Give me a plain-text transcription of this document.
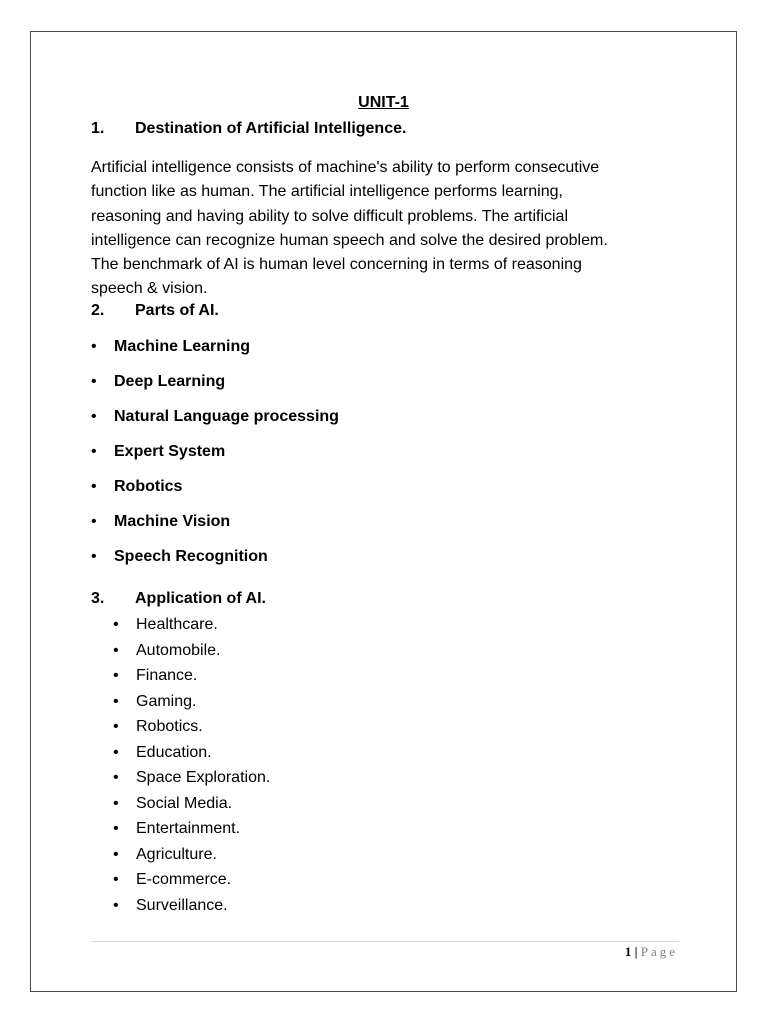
UNIT-1
1. Destination of Artificial Intelligence.
Artificial intelligence consists of machine's ability to perform consecutive
function like as human. The artificial intelligence performs learning,
reasoning and having ability to solve difficult problems. The artificial
intelligence can recognize human speech and solve the desired problem.
The benchmark of AI is human level concerning in terms of reasoning
speech & vision.
2. Parts of AI.
• Machine Learning
• Deep Learning
• Natural Language processing
• Expert System
• Robotics
• Machine Vision
• Speech Recognition
3. Application of AI.
• Healthcare.
• Automobile.
• Finance.
• Gaming.
• Robotics.
• Education.
• Space Exploration.
• Social Media.
• Entertainment.
• Agriculture.
• E-commerce.
• Surveillance.
1 | Page
